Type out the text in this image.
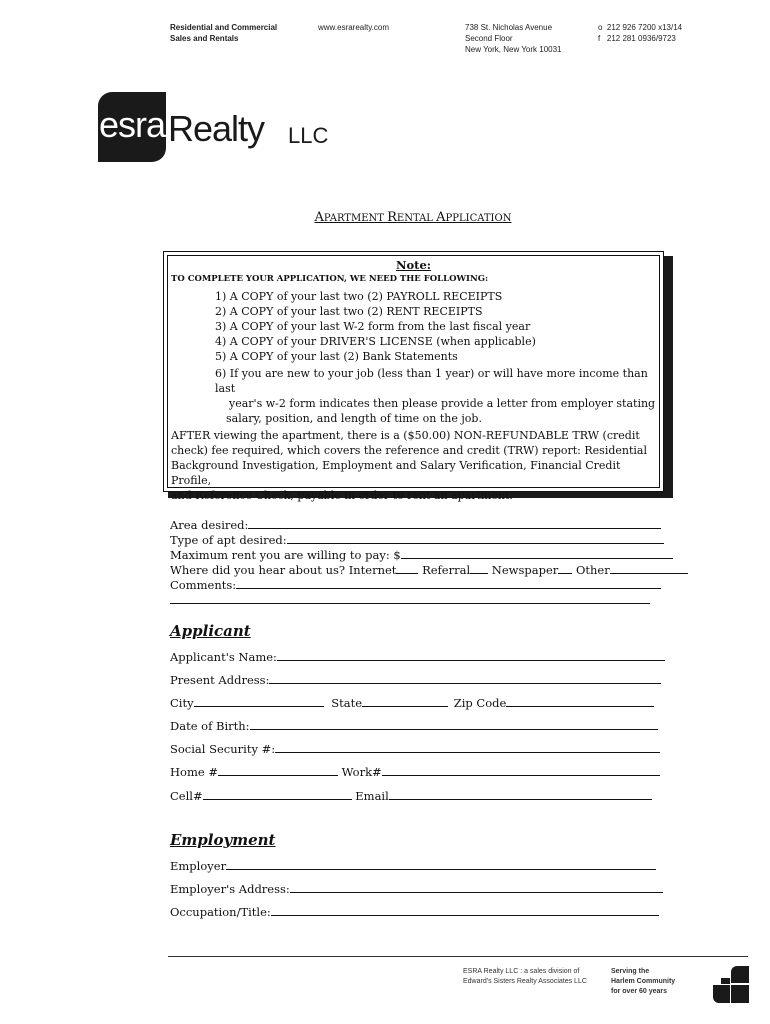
Residential and Commercial
Sales and Rentals
www.esrarealty.com	738 St. Nicholas Avenue
Second Floor
New York, New York 10031
o 212 926 7200 x13/14
f 212 281 0936/9723
esra Realty LLC
APARTMENT RENTAL APPLICATION
Note:
TO COMPLETE YOUR APPLICATION, WE NEED THE FOLLOWING:
1) A COPY of your last two (2) PAYROLL RECEIPTS
2) A COPY of your last two (2) RENT RECEIPTS
3) A COPY of your last W-2 form from the last fiscal year
4) A COPY of your DRIVER'S LICENSE (when applicable)
5) A COPY of your last (2) Bank Statements
6) If you are new to your job (less than 1 year) or will have more income than last
year's w-2 form indicates then please provide a letter from employer stating
salary, position, and length of time on the job.
AFTER viewing the apartment, there is a ($50.00) NON-REFUNDABLE TRW (credit
check) fee required, which covers the reference and credit (TRW) report: Residential
Background Investigation, Employment and Salary Verification, Financial Credit Profile,
and Reference Check, payable in order to rent an apartment.
Area desired:
Type of apt desired:
Maximum rent you are willing to pay: $
Where did you hear about us? Internet Referral Newspaper Other
Comments:
Applicant
Applicant's Name:
Present Address:
City	State	Zip Code
Date of Birth:
Social Security #:
Home #	Work#
Cell#	Email
Employment
Employer
Employer's Address:
Occupation/Title:
ESRA Realty LLC : a sales division of
Edward's Sisters Realty Associates LLC
Serving the
Harlem Community
for over 60 years
